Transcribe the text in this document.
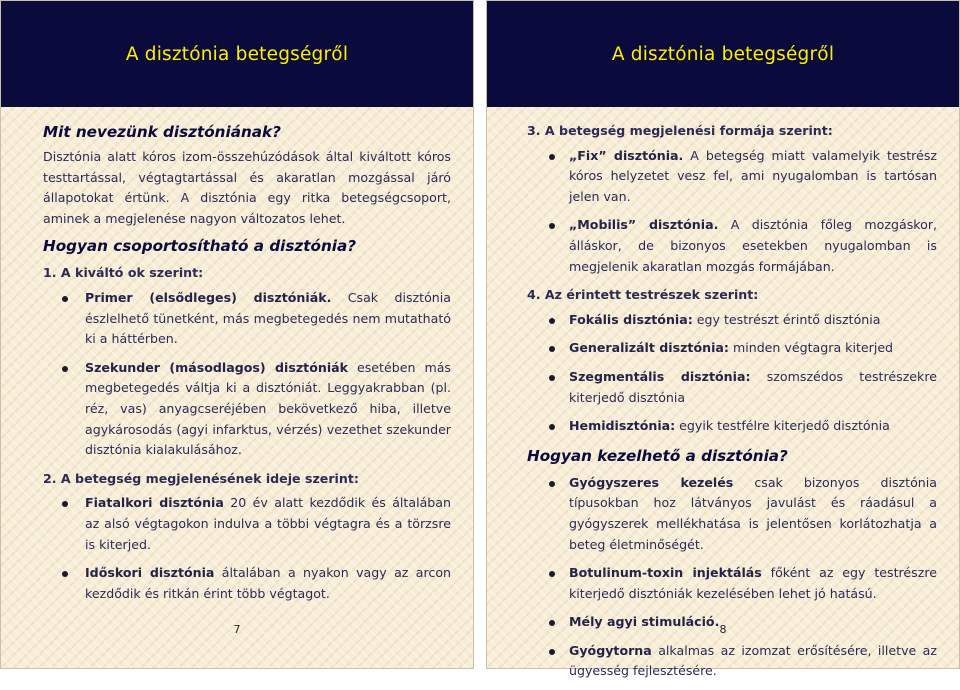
A disztónia betegségről
Mit nevezünk disztóniának?

Disztónia alatt kóros izom-összehúzódások által kiváltott kóros testtartással, végtagtartással és akaratlan mozgással járó állapotokat értünk. A disztónia egy ritka betegségcsoport, aminek a megjelenése nagyon változatos lehet.

Hogyan csoportosítható a disztónia?
1. A kiváltó ok szerint:
Primer (elsődleges) disztóniák. Csak disztónia észlelhető tünetként, más megbetegedés nem mutatható ki a háttérben.
Szekunder (másodlagos) disztóniák esetében más megbetegedés váltja ki a disztóniát. Leggyakrabban (pl. réz, vas) anyagcseréjében bekövetkező hiba, illetve agykárosodás (agyi infarktus, vérzés) vezethet szekunder disztónia kialakulásához.
2. A betegség megjelenésének ideje szerint:
Fiatalkori disztónia 20 év alatt kezdődik és általában az alsó végtagokon indulva a többi végtagra és a törzsre is kiterjed.
Időskori disztónia általában a nyakon vagy az arcon kezdődik és ritkán érint több végtagot.
7
A disztónia betegségről
3. A betegség megjelenési formája szerint:
„Fix” disztónia. A betegség miatt valamelyik testrész kóros helyzetet vesz fel, ami nyugalomban is tartósan jelen van.
„Mobilis” disztónia. A disztónia főleg mozgáskor, álláskor, de bizonyos esetekben nyugalomban is megjelenik akaratlan mozgás formájában.
4. Az érintett testrészek szerint:
Fokális disztónia: egy testrészt érintő disztónia
Generalizált disztónia: minden végtagra kiterjed
Szegmentális disztónia: szomszédos testrészekre kiterjedő disztónia
Hemidisztónia: egyik testfélre kiterjedő disztónia
Hogyan kezelhető a disztónia?
Gyógyszeres kezelés csak bizonyos disztónia típusokban hoz látványos javulást és ráadásul a gyógyszerek mellékhatása is jelentősen korlátozhatja a beteg életminőségét.
Botulinum-toxin injektálás főként az egy testrészre kiterjedő disztóniák kezelésében lehet jó hatású.
Mély agyi stimuláció.
Gyógytorna alkalmas az izomzat erősítésére, illetve az ügyesség fejlesztésére.
8
